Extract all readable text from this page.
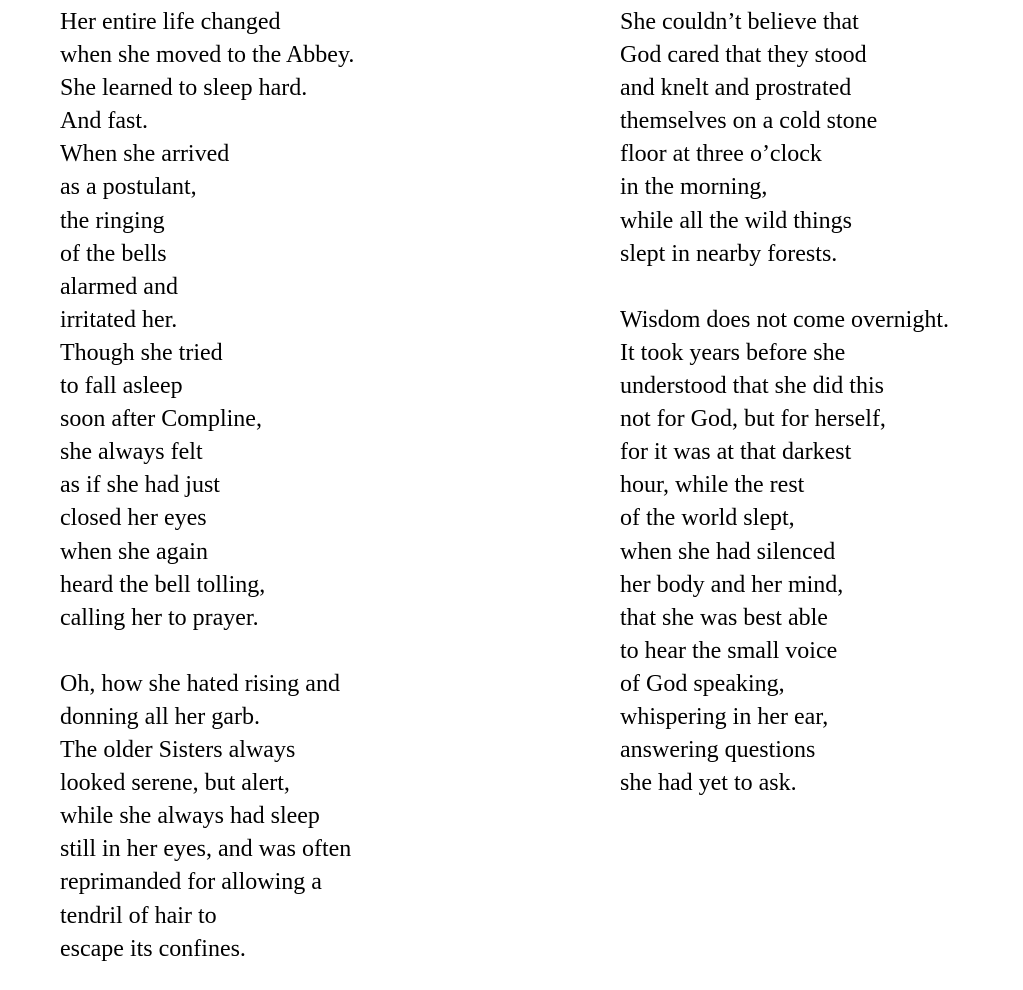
Her entire life changed
when she moved to the Abbey.
She learned to sleep hard.
And fast.
When she arrived
as a postulant,
the ringing
of the bells
alarmed and
irritated her.
Though she tried
to fall asleep
soon after Compline,
she always felt
as if she had just
closed her eyes
when she again
heard the bell tolling,
calling her to prayer.
Oh, how she hated rising and
donning all her garb.
The older Sisters always
looked serene, but alert,
while she always had sleep
still in her eyes, and was often
reprimanded for allowing a
tendril of hair to
escape its confines.
She couldn’t believe that
God cared that they stood
and knelt and prostrated
themselves on a cold stone
floor at three o’clock
in the morning,
while all the wild things
slept in nearby forests.
Wisdom does not come overnight.
It took years before she
understood that she did this
not for God, but for herself,
for it was at that darkest
hour, while the rest
of the world slept,
when she had silenced
her body and her mind,
that she was best able
to hear the small voice
of God speaking,
whispering in her ear,
answering questions
she had yet to ask.
